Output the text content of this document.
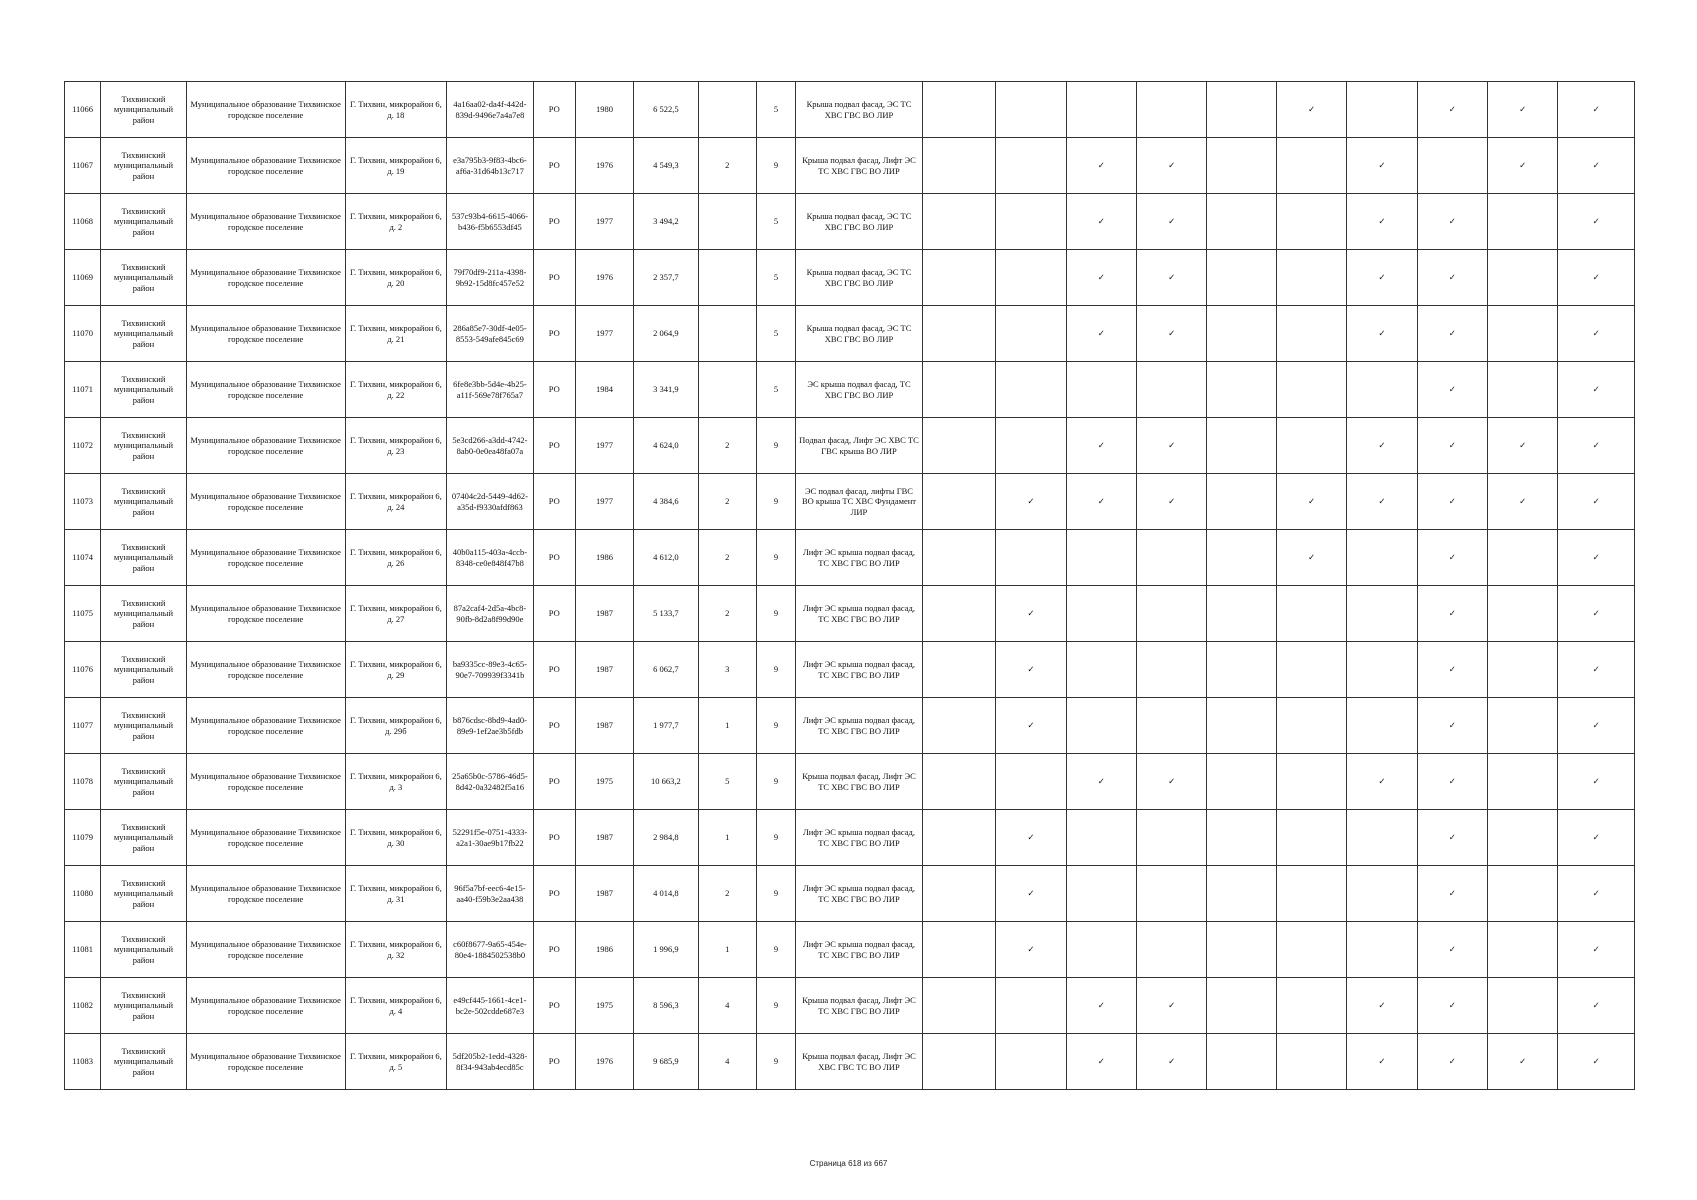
11066	Тихвинский муниципальный район	Муниципальное образование Тихвинское городское поселение	Г. Тихвин, микрорайон 6, д. 18	4a16aa02-da4f-442d-839d-9496e7a4a7e8	РО	1980	6 522,5		5	Крыша подвал фасад, ЭС ТС ХВС ГВС ВО ЛИР						✓		✓	✓	✓
11067	Тихвинский муниципальный район	Муниципальное образование Тихвинское городское поселение	Г. Тихвин, микрорайон 6, д. 19	e3a795b3-9f83-4bc6-af6a-31d64b13c717	РО	1976	4 549,3	2	9	Крыша подвал фасад, Лифт ЭС ТС ХВС ГВС ВО ЛИР			✓	✓			✓		✓	✓
11068	Тихвинский муниципальный район	Муниципальное образование Тихвинское городское поселение	Г. Тихвин, микрорайон 6, д. 2	537c93b4-6615-4066-b436-f5b6553df45	РО	1977	3 494,2		5	Крыша подвал фасад, ЭС ТС ХВС ГВС ВО ЛИР			✓	✓			✓	✓		✓
11069	Тихвинский муниципальный район	Муниципальное образование Тихвинское городское поселение	Г. Тихвин, микрорайон 6, д. 20	79f70df9-211a-4398-9b92-15d8fc457e52	РО	1976	2 357,7		5	Крыша подвал фасад, ЭС ТС ХВС ГВС ВО ЛИР			✓	✓			✓	✓		✓
11070	Тихвинский муниципальный район	Муниципальное образование Тихвинское городское поселение	Г. Тихвин, микрорайон 6, д. 21	286a85e7-30df-4e05-8553-549afe845c69	РО	1977	2 064,9		5	Крыша подвал фасад, ЭС ТС ХВС ГВС ВО ЛИР			✓	✓			✓	✓		✓
11071	Тихвинский муниципальный район	Муниципальное образование Тихвинское городское поселение	Г. Тихвин, микрорайон 6, д. 22	6fe8e3bb-5d4e-4b25-a11f-569e78f765a7	РО	1984	3 341,9		5	ЭС крыша подвал фасад, ТС ХВС ГВС ВО ЛИР								✓		✓
11072	Тихвинский муниципальный район	Муниципальное образование Тихвинское городское поселение	Г. Тихвин, микрорайон 6, д. 23	5e3cd266-a3dd-4742-8ab0-0e0ea48fa07a	РО	1977	4 624,0	2	9	Подвал фасад, Лифт ЭС ХВС ТС ГВС крыша ВО ЛИР			✓	✓			✓	✓	✓	✓
11073	Тихвинский муниципальный район	Муниципальное образование Тихвинское городское поселение	Г. Тихвин, микрорайон 6, д. 24	07404c2d-5449-4d62-a35d-f9330afdf863	РО	1977	4 384,6	2	9	ЭС подвал фасад, лифты ГВС ВО крыша ТС ХВС Фундамент ЛИР		✓	✓	✓		✓	✓	✓	✓	✓
11074	Тихвинский муниципальный район	Муниципальное образование Тихвинское городское поселение	Г. Тихвин, микрорайон 6, д. 26	40b0a115-403a-4ccb-8348-ce0e848f47b8	РО	1986	4 612,0	2	9	Лифт ЭС крыша подвал фасад, ТС ХВС ГВС ВО ЛИР						✓		✓		✓
11075	Тихвинский муниципальный район	Муниципальное образование Тихвинское городское поселение	Г. Тихвин, микрорайон 6, д. 27	87a2caf4-2d5a-4bc8-90fb-8d2a8f99d90e	РО	1987	5 133,7	2	9	Лифт ЭС крыша подвал фасад, ТС ХВС ГВС ВО ЛИР		✓						✓		✓
11076	Тихвинский муниципальный район	Муниципальное образование Тихвинское городское поселение	Г. Тихвин, микрорайон 6, д. 29	ba9335cc-89e3-4c65-90e7-709939f3341b	РО	1987	6 062,7	3	9	Лифт ЭС крыша подвал фасад, ТС ХВС ГВС ВО ЛИР		✓						✓		✓
11077	Тихвинский муниципальный район	Муниципальное образование Тихвинское городское поселение	Г. Тихвин, микрорайон 6, д. 29б	b876cdsc-8bd9-4ad0-89e9-1ef2ae3b5fdb	РО	1987	1 977,7	1	9	Лифт ЭС крыша подвал фасад, ТС ХВС ГВС ВО ЛИР		✓						✓		✓
11078	Тихвинский муниципальный район	Муниципальное образование Тихвинское городское поселение	Г. Тихвин, микрорайон 6, д. 3	25a65b0c-5786-46d5-8d42-0a32482f5a16	РО	1975	10 663,2	5	9	Крыша подвал фасад, Лифт ЭС ТС ХВС ГВС ВО ЛИР			✓	✓			✓	✓		✓
11079	Тихвинский муниципальный район	Муниципальное образование Тихвинское городское поселение	Г. Тихвин, микрорайон 6, д. 30	52291f5e-0751-4333-a2a1-30ae9b17fb22	РО	1987	2 984,8	1	9	Лифт ЭС крыша подвал фасад, ТС ХВС ГВС ВО ЛИР		✓						✓		✓
11080	Тихвинский муниципальный район	Муниципальное образование Тихвинское городское поселение	Г. Тихвин, микрорайон 6, д. 31	96f5a7bf-eec6-4e15-aa40-f59b3e2aa438	РО	1987	4 014,8	2	9	Лифт ЭС крыша подвал фасад, ТС ХВС ГВС ВО ЛИР		✓						✓		✓
11081	Тихвинский муниципальный район	Муниципальное образование Тихвинское городское поселение	Г. Тихвин, микрорайон 6, д. 32	c60f8677-9a65-454e-80e4-1884502538b0	РО	1986	1 996,9	1	9	Лифт ЭС крыша подвал фасад, ТС ХВС ГВС ВО ЛИР		✓						✓		✓
11082	Тихвинский муниципальный район	Муниципальное образование Тихвинское городское поселение	Г. Тихвин, микрорайон 6, д. 4	e49cf445-1661-4ce1-bc2e-502cdde687e3	РО	1975	8 596,3	4	9	Крыша подвал фасад, Лифт ЭС ТС ХВС ГВС ВО ЛИР			✓	✓			✓	✓		✓
11083	Тихвинский муниципальный район	Муниципальное образование Тихвинское городское поселение	Г. Тихвин, микрорайон 6, д. 5	5df205b2-1edd-4328-8f34-943ab4ecd85c	РО	1976	9 685,9	4	9	Крыша подвал фасад, Лифт ЭС ХВС ГВС ТС ВО ЛИР			✓	✓			✓	✓	✓	✓
Страница 618 из 667
